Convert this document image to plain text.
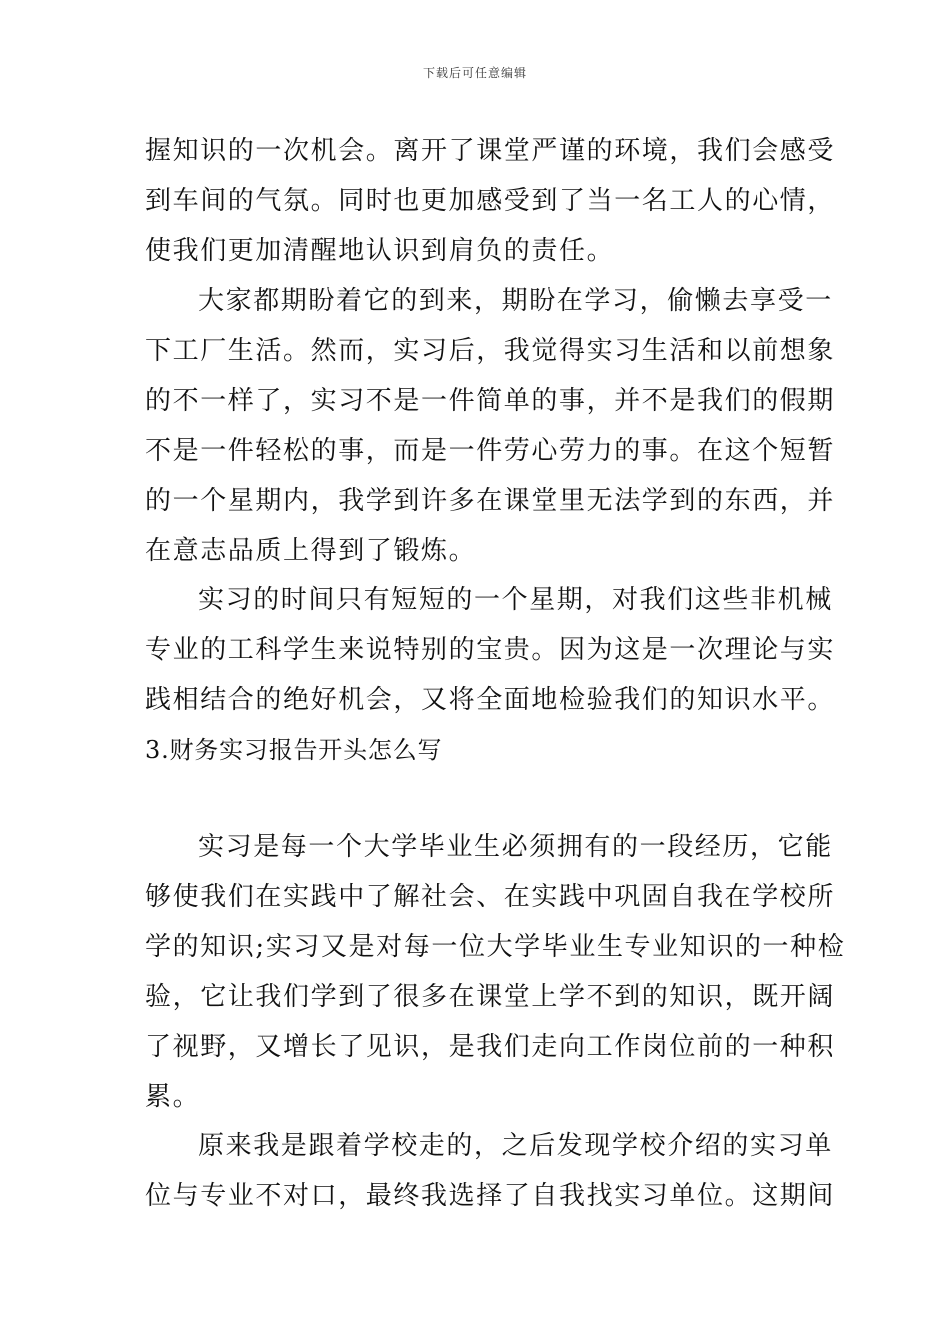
下载后可任意编辑
握知识的一次机会。离开了课堂严谨的环境，我们会感受
到车间的气氛。同时也更加感受到了当一名工人的心情，
使我们更加清醒地认识到肩负的责任。
大家都期盼着它的到来，期盼在学习，偷懒去享受一
下工厂生活。然而，实习后，我觉得实习生活和以前想象
的不一样了，实习不是一件简单的事，并不是我们的假期
不是一件轻松的事，而是一件劳心劳力的事。在这个短暂
的一个星期内，我学到许多在课堂里无法学到的东西，并
在意志品质上得到了锻炼。
实习的时间只有短短的一个星期，对我们这些非机械
专业的工科学生来说特别的宝贵。因为这是一次理论与实
践相结合的绝好机会，又将全面地检验我们的知识水平。
3.财务实习报告开头怎么写
实习是每一个大学毕业生必须拥有的一段经历，它能
够使我们在实践中了解社会、在实践中巩固自我在学校所
学的知识;实习又是对每一位大学毕业生专业知识的一种检
验，它让我们学到了很多在课堂上学不到的知识，既开阔
了视野，又增长了见识，是我们走向工作岗位前的一种积
累。
原来我是跟着学校走的，之后发现学校介绍的实习单
位与专业不对口，最终我选择了自我找实习单位。这期间
